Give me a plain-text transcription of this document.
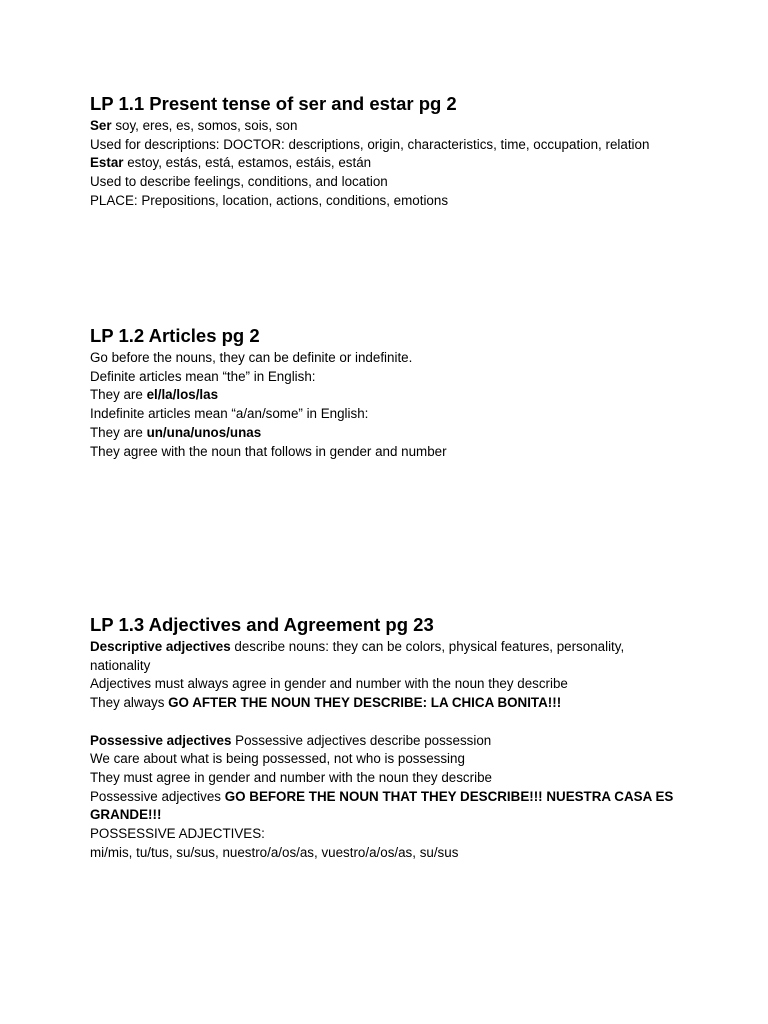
LP 1.1 Present tense of ser and estar pg 2
Ser soy, eres, es, somos, sois, son
Used for descriptions: DOCTOR: descriptions, origin, characteristics, time, occupation, relation
Estar estoy, estás, está, estamos, estáis, están
Used to describe feelings, conditions, and location
PLACE: Prepositions, location, actions, conditions, emotions
LP 1.2 Articles pg 2
Go before the nouns, they can be definite or indefinite.
Definite articles mean “the” in English:
They are el/la/los/las
Indefinite articles mean “a/an/some” in English:
They are un/una/unos/unas
They agree with the noun that follows in gender and number
LP 1.3 Adjectives and Agreement pg 23
Descriptive adjectives describe nouns: they can be colors, physical features, personality, nationality
Adjectives must always agree in gender and number with the noun they describe
They always GO AFTER THE NOUN THEY DESCRIBE: LA CHICA BONITA!!!
Possessive adjectives Possessive adjectives describe possession
We care about what is being possessed, not who is possessing
They must agree in gender and number with the noun they describe
Possessive adjectives GO BEFORE THE NOUN THAT THEY DESCRIBE!!! NUESTRA CASA ES GRANDE!!!
POSSESSIVE ADJECTIVES:
mi/mis, tu/tus, su/sus, nuestro/a/os/as, vuestro/a/os/as, su/sus
